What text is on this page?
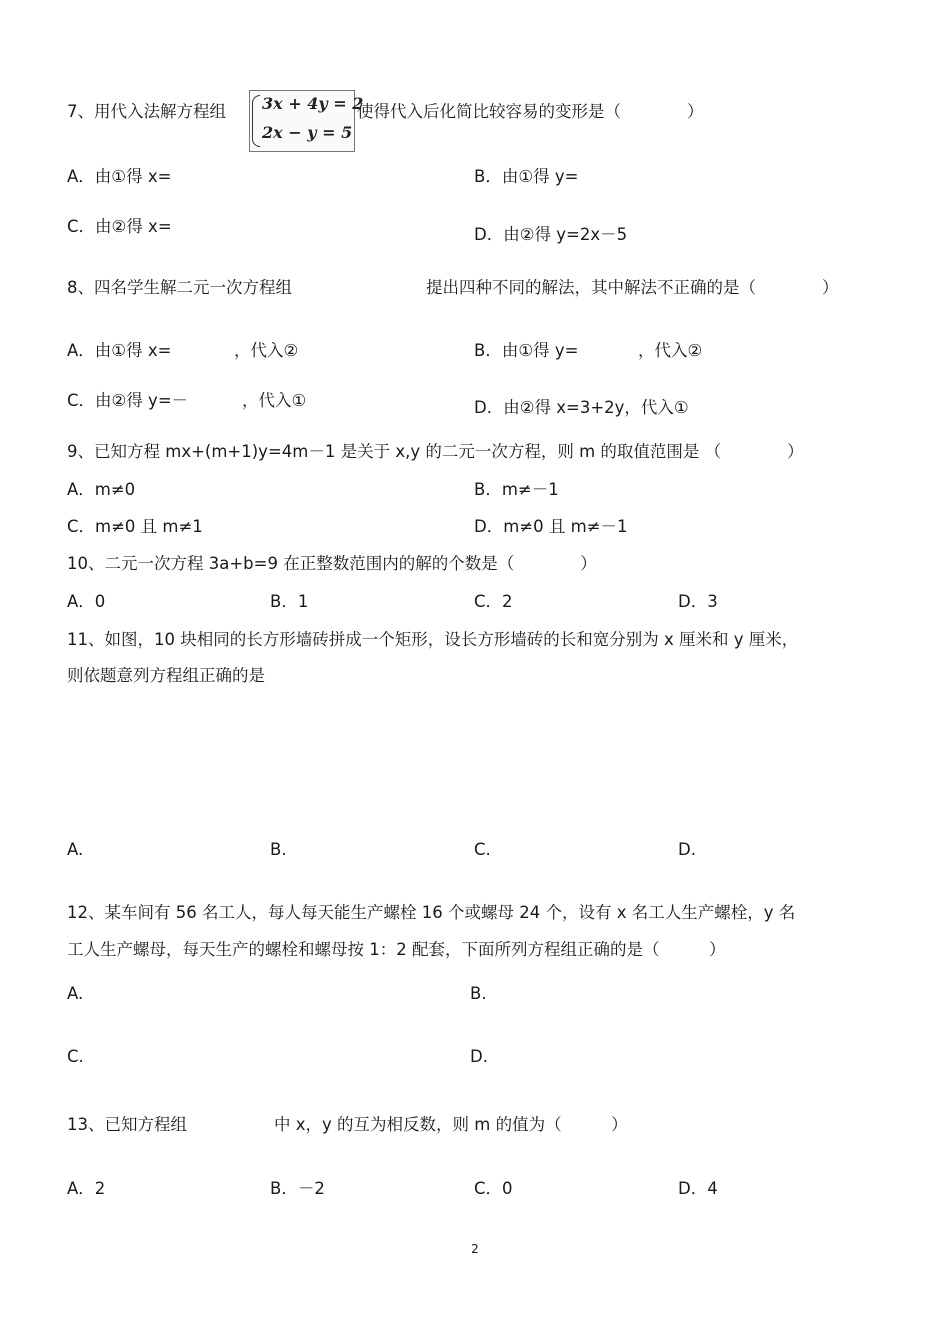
7、用代入法解方程组 3x + 4y = 2
2x − y = 5
使得代入后化简比较容易的变形是（　　　　）
A．由①得 x=	B．由①得 y=
C．由②得 x=	D．由②得 y=2x－5
8、四名学生解二元一次方程组	提出四种不同的解法，其中解法不正确的是（　　　　）
A．由①得 x=	，代入②	B．由①得 y=	，代入②
C．由②得 y=－	，代入①	D．由②得 x=3+2y，代入①
9、已知方程 mx+(m+1)y=4m－1 是关于 x,y 的二元一次方程，则 m 的取值范围是 （　　　　）
A．m≠0	B．m≠－1
C．m≠0 且 m≠1	D．m≠0 且 m≠－1
10、二元一次方程 3a+b=9 在正整数范围内的解的个数是（　　　　）
A．0	B．1	C．2	D．3
11、如图，10 块相同的长方形墙砖拼成一个矩形，设长方形墙砖的长和宽分别为 x 厘米和 y 厘米，
则依题意列方程组正确的是
A.	B.	C.	D.
12、某车间有 56 名工人，每人每天能生产螺栓 16 个或螺母 24 个，设有 x 名工人生产螺栓，y 名
工人生产螺母，每天生产的螺栓和螺母按 1：2 配套，下面所列方程组正确的是（　　　）
A.	B.
C.	D.
13、已知方程组	中 x，y 的互为相反数，则 m 的值为（　　　）
A．2	B．－2	C．0	D．4
2
